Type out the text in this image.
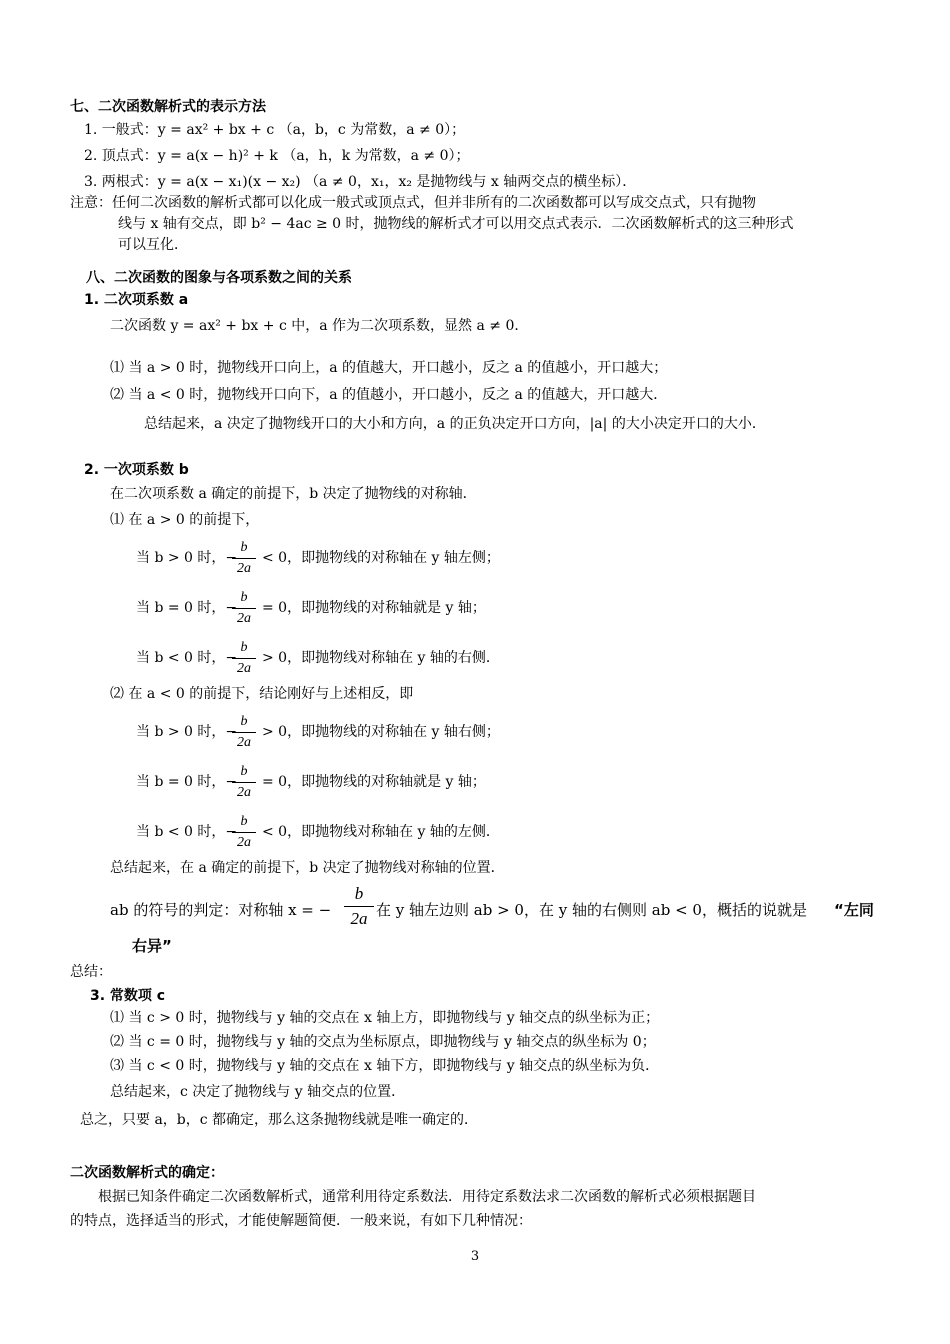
七、二次函数解析式的表示方法
1. 一般式：y = ax² + bx + c （a，b，c 为常数，a ≠ 0）；
2. 顶点式：y = a(x − h)² + k （a，h，k 为常数，a ≠ 0）；
3. 两根式：y = a(x − x₁)(x − x₂) （a ≠ 0，x₁，x₂ 是抛物线与 x 轴两交点的横坐标）．
注意：任何二次函数的解析式都可以化成一般式或顶点式，但并非所有的二次函数都可以写成交点式，只有抛物
线与 x 轴有交点，即 b² − 4ac ≥ 0 时，抛物线的解析式才可以用交点式表示．二次函数解析式的这三种形式
可以互化．
八、二次函数的图象与各项系数之间的关系
1. 二次项系数 a
二次函数 y = ax² + bx + c 中，a 作为二次项系数，显然 a ≠ 0．
⑴ 当 a > 0 时，抛物线开口向上，a 的值越大，开口越小，反之 a 的值越小，开口越大；
⑵ 当 a < 0 时，抛物线开口向下，a 的值越小，开口越小，反之 a 的值越大，开口越大．
总结起来，a 决定了抛物线开口的大小和方向，a 的正负决定开口方向，|a| 的大小决定开口的大小．
2. 一次项系数 b
在二次项系数 a 确定的前提下，b 决定了抛物线的对称轴．
⑴ 在 a > 0 的前提下，
当 b > 0 时，−
b
2a
< 0，即抛物线的对称轴在 y 轴左侧；
当 b = 0 时，−
b
2a
= 0，即抛物线的对称轴就是 y 轴；
当 b < 0 时，−
b
2a
> 0，即抛物线对称轴在 y 轴的右侧．
⑵ 在 a < 0 的前提下，结论刚好与上述相反，即
当 b > 0 时，−
b
2a
> 0，即抛物线的对称轴在 y 轴右侧；
当 b = 0 时，−
b
2a
= 0，即抛物线的对称轴就是 y 轴；
当 b < 0 时，−
b
2a
< 0，即抛物线对称轴在 y 轴的左侧．
总结起来，在 a 确定的前提下，b 决定了抛物线对称轴的位置．
ab 的符号的判定：对称轴 x = −
b
2a 在 y 轴左边则 ab > 0，在 y 轴的右侧则 ab < 0，概括的说就是 “左同
右异”
总结：
3. 常数项 c
⑴ 当 c > 0 时，抛物线与 y 轴的交点在 x 轴上方，即抛物线与 y 轴交点的纵坐标为正；
⑵ 当 c = 0 时，抛物线与 y 轴的交点为坐标原点，即抛物线与 y 轴交点的纵坐标为 0；
⑶ 当 c < 0 时，抛物线与 y 轴的交点在 x 轴下方，即抛物线与 y 轴交点的纵坐标为负．
总结起来，c 决定了抛物线与 y 轴交点的位置．
总之，只要 a，b，c 都确定，那么这条抛物线就是唯一确定的．
二次函数解析式的确定：
根据已知条件确定二次函数解析式，通常利用待定系数法．用待定系数法求二次函数的解析式必须根据题目
的特点，选择适当的形式，才能使解题简便．一般来说，有如下几种情况：
3
